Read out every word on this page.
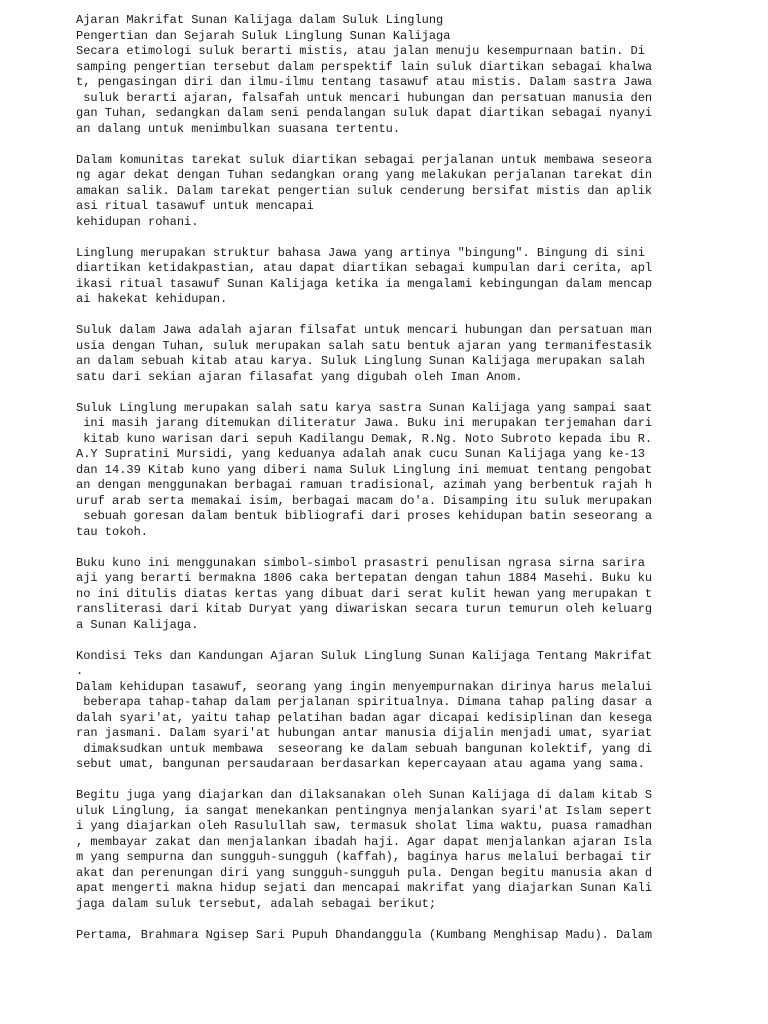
Ajaran Makrifat Sunan Kalijaga dalam Suluk Linglung
Pengertian dan Sejarah Suluk Linglung Sunan Kalijaga
Secara etimologi suluk berarti mistis, atau jalan menuju kesempurnaan batin. Di
samping pengertian tersebut dalam perspektif lain suluk diartikan sebagai khalwa
t, pengasingan diri dan ilmu-ilmu tentang tasawuf atau mistis. Dalam sastra Jawa
suluk berarti ajaran, falsafah untuk mencari hubungan dan persatuan manusia den
gan Tuhan, sedangkan dalam seni pendalangan suluk dapat diartikan sebagai nyanyi
an dalang untuk menimbulkan suasana tertentu.
Dalam komunitas tarekat suluk diartikan sebagai perjalanan untuk membawa seseora
ng agar dekat dengan Tuhan sedangkan orang yang melakukan perjalanan tarekat din
amakan salik. Dalam tarekat pengertian suluk cenderung bersifat mistis dan aplik
asi ritual tasawuf untuk mencapai
kehidupan rohani.
Linglung merupakan struktur bahasa Jawa yang artinya "bingung". Bingung di sini
diartikan ketidakpastian, atau dapat diartikan sebagai kumpulan dari cerita, apl
ikasi ritual tasawuf Sunan Kalijaga ketika ia mengalami kebingungan dalam mencap
ai hakekat kehidupan.
Suluk dalam Jawa adalah ajaran filsafat untuk mencari hubungan dan persatuan man
usia dengan Tuhan, suluk merupakan salah satu bentuk ajaran yang termanifestasik
an dalam sebuah kitab atau karya. Suluk Linglung Sunan Kalijaga merupakan salah
satu dari sekian ajaran filasafat yang digubah oleh Iman Anom.
Suluk Linglung merupakan salah satu karya sastra Sunan Kalijaga yang sampai saat
ini masih jarang ditemukan diliteratur Jawa. Buku ini merupakan terjemahan dari
kitab kuno warisan dari sepuh Kadilangu Demak, R.Ng. Noto Subroto kepada ibu R.
A.Y Supratini Mursidi, yang keduanya adalah anak cucu Sunan Kalijaga yang ke-13
dan 14.39 Kitab kuno yang diberi nama Suluk Linglung ini memuat tentang pengobat
an dengan menggunakan berbagai ramuan tradisional, azimah yang berbentuk rajah h
uruf arab serta memakai isim, berbagai macam do'a. Disamping itu suluk merupakan
sebuah goresan dalam bentuk bibliografi dari proses kehidupan batin seseorang a
tau tokoh.
Buku kuno ini menggunakan simbol-simbol prasastri penulisan ngrasa sirna sarira
aji yang berarti bermakna 1806 caka bertepatan dengan tahun 1884 Masehi. Buku ku
no ini ditulis diatas kertas yang dibuat dari serat kulit hewan yang merupakan t
ransliterasi dari kitab Duryat yang diwariskan secara turun temurun oleh keluarg
a Sunan Kalijaga.
Kondisi Teks dan Kandungan Ajaran Suluk Linglung Sunan Kalijaga Tentang Makrifat
.
Dalam kehidupan tasawuf, seorang yang ingin menyempurnakan dirinya harus melalui
beberapa tahap-tahap dalam perjalanan spiritualnya. Dimana tahap paling dasar a
dalah syari'at, yaitu tahap pelatihan badan agar dicapai kedisiplinan dan kesega
ran jasmani. Dalam syari'at hubungan antar manusia dijalin menjadi umat, syariat
dimaksudkan untuk membawa  seseorang ke dalam sebuah bangunan kolektif, yang di
sebut umat, bangunan persaudaraan berdasarkan kepercayaan atau agama yang sama.
Begitu juga yang diajarkan dan dilaksanakan oleh Sunan Kalijaga di dalam kitab S
uluk Linglung, ia sangat menekankan pentingnya menjalankan syari'at Islam sepert
i yang diajarkan oleh Rasulullah saw, termasuk sholat lima waktu, puasa ramadhan
, membayar zakat dan menjalankan ibadah haji. Agar dapat menjalankan ajaran Isla
m yang sempurna dan sungguh-sungguh (kaffah), baginya harus melalui berbagai tir
akat dan perenungan diri yang sungguh-sungguh pula. Dengan begitu manusia akan d
apat mengerti makna hidup sejati dan mencapai makrifat yang diajarkan Sunan Kali
jaga dalam suluk tersebut, adalah sebagai berikut;
Pertama, Brahmara Ngisep Sari Pupuh Dhandanggula (Kumbang Menghisap Madu). Dalam
